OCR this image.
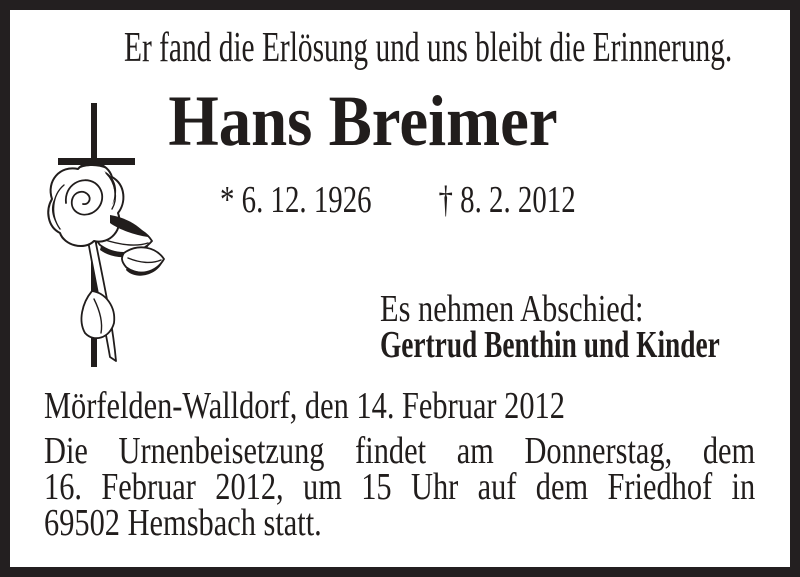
Er fand die Erlösung und uns bleibt die Erinnerung.
Hans Breimer
* 6. 12. 1926 † 8. 2. 2012
Es nehmen Abschied:
Gertrud Benthin und Kinder
Mörfelden-Walldorf, den 14. Februar 2012
Die Urnenbeisetzung findet am Donnerstag, dem
16. Februar 2012, um 15 Uhr auf dem Friedhof in
69502 Hemsbach statt.
